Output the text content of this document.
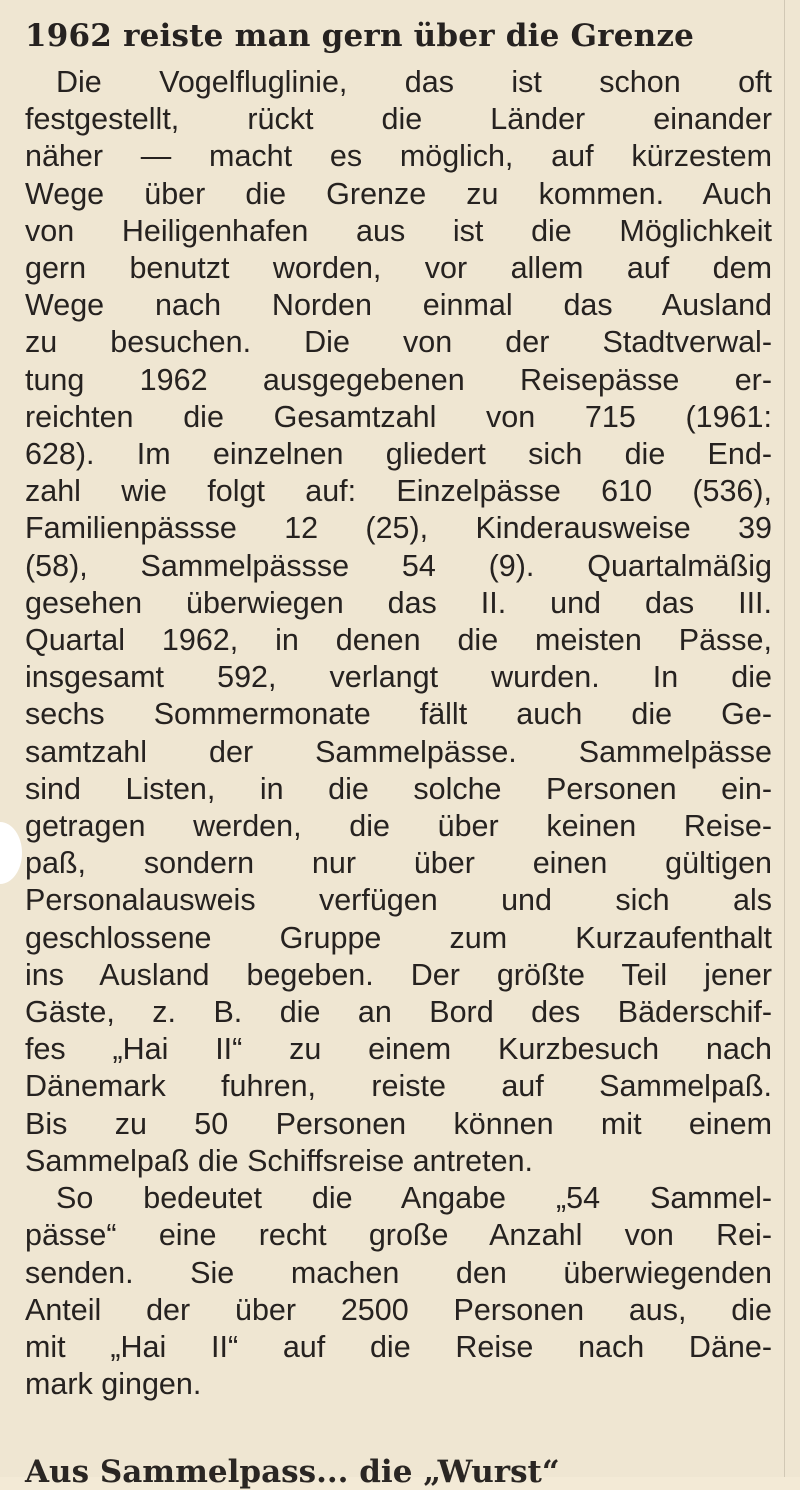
1962 reiste man gern über die Grenze
Die Vogelfluglinie, das ist schon oft
festgestellt, rückt die Länder einander
näher — macht es möglich, auf kürzestem
Wege über die Grenze zu kommen. Auch
von Heiligenhafen aus ist die Möglichkeit
gern benutzt worden, vor allem auf dem
Wege nach Norden einmal das Ausland
zu besuchen. Die von der Stadtverwal-
tung 1962 ausgegebenen Reisepässe er-
reichten die Gesamtzahl von 715 (1961:
628). Im einzelnen gliedert sich die End-
zahl wie folgt auf: Einzelpässe 610 (536),
Familienpässse 12 (25), Kinderausweise 39
(58), Sammelpässse 54 (9). Quartalmäßig
gesehen überwiegen das II. und das III.
Quartal 1962, in denen die meisten Pässe,
insgesamt 592, verlangt wurden. In die
sechs Sommermonate fällt auch die Ge-
samtzahl der Sammelpässe. Sammelpässe
sind Listen, in die solche Personen ein-
getragen werden, die über keinen Reise-
paß, sondern nur über einen gültigen
Personalausweis verfügen und sich als
geschlossene Gruppe zum Kurzaufenthalt
ins Ausland begeben. Der größte Teil jener
Gäste, z. B. die an Bord des Bäderschif-
fes „Hai II“ zu einem Kurzbesuch nach
Dänemark fuhren, reiste auf Sammelpaß.
Bis zu 50 Personen können mit einem
Sammelpaß die Schiffsreise antreten.
So bedeutet die Angabe „54 Sammel-
pässe“ eine recht große Anzahl von Rei-
senden. Sie machen den überwiegenden
Anteil der über 2500 Personen aus, die
mit „Hai II“ auf die Reise nach Däne-
mark gingen.
Aus Sammelpass... die „Wurst“
